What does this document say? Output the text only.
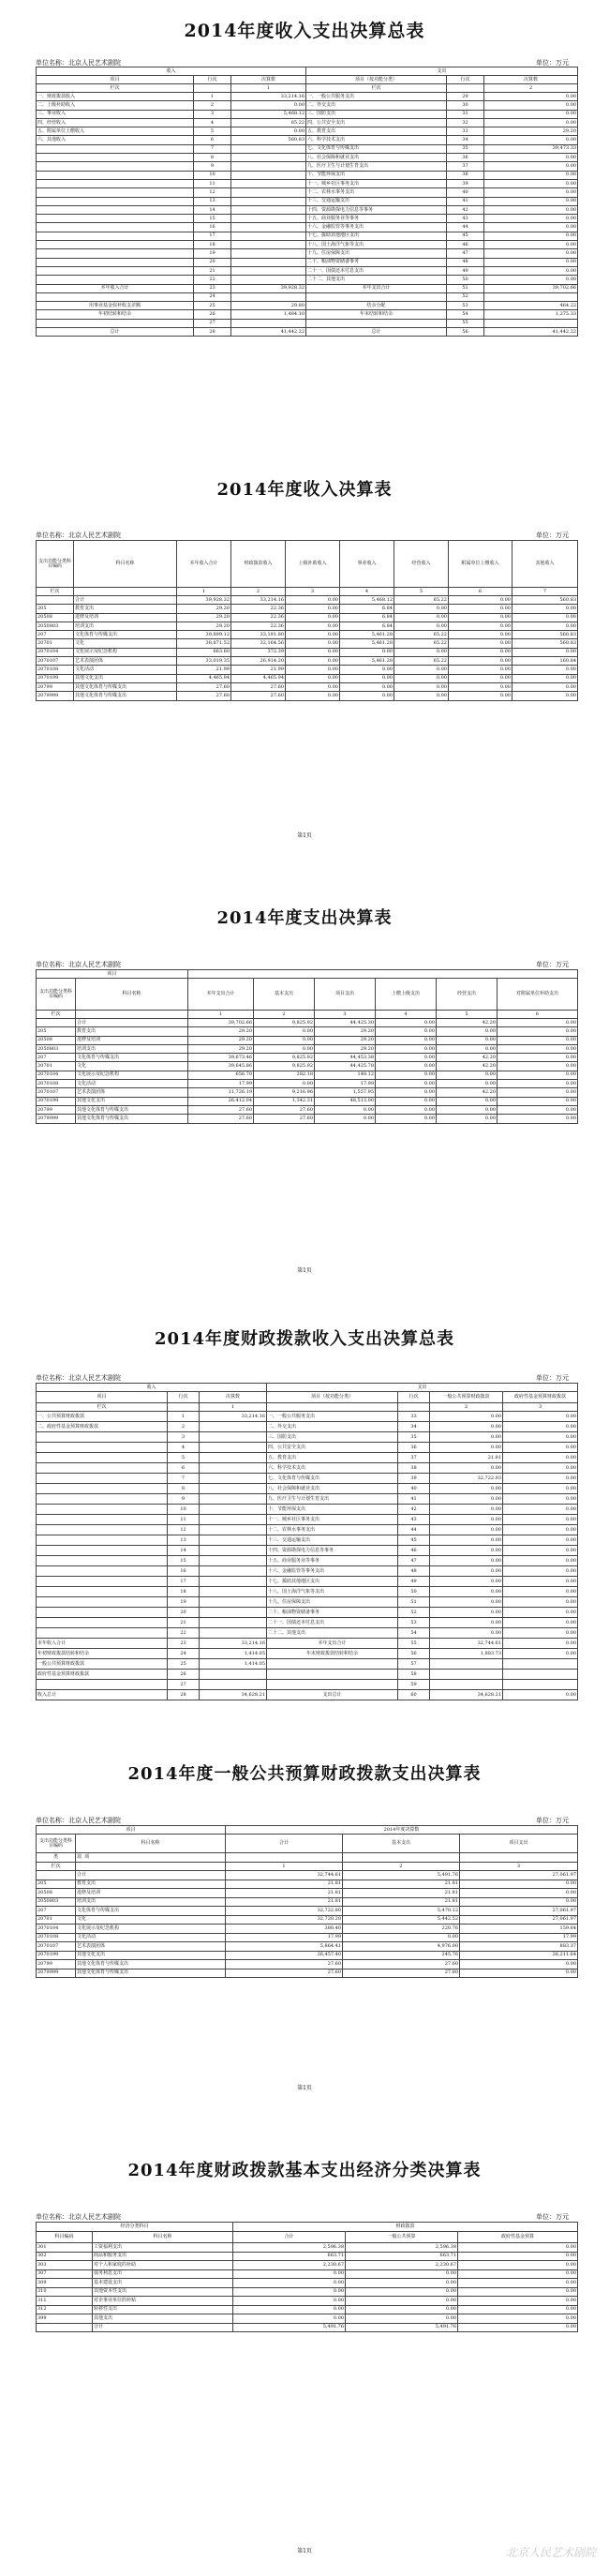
2014年度收入支出决算总表
单位名称：北京人民艺术剧院	单位：万元
收入			支出		
项目	行次	决算数	项目（按功能分类）	行次	决算数
栏次		1	栏次		2
一、财政拨款收入	1	33,214.16	一、一般公共服务支出	29	0.00
二、上级补助收入	2	0.00	二、外交支出	30	0.00
三、事业收入	3	5,468.12	三、国防支出	31	0.00
四、经营收入	4	65.22	四、公共安全支出	32	0.00
五、附属单位上缴收入	5	0.00	五、教育支出	33	29.20
六、其他收入	6	560.83	六、科学技术支出	34	0.00
	7		七、文化体育与传媒支出	35	39,473.33
	8		八、社会保障和就业支出	36	0.00
	9		九、医疗卫生与计划生育支出	37	0.00
	10		十、节能环保支出	38	0.00
	11		十一、城乡社区事务支出	39	0.00
	12		十二、农林水事务支出	40	0.00
	13		十三、交通运输支出	41	0.00
	14		十四、资源勘探电力信息等事务	42	0.00
	15		十五、商业服务业等事务	43	0.00
	16		十六、金融监管等事务支出	44	0.00
	17		十七、援助其他地区支出	45	0.00
	18		十八、国土海洋气象等支出	46	0.00
	19		十九、住房保障支出	47	0.00
	20		二十、粮油物资储备事务	48	0.00
	21		二十一、国债还本付息支出	49	0.00
	22		二十二、其他支出	50	0.00
本年收入合计	23	39,928.32	本年支出合计	51	39,702.66
	24			52	
用事业基金弥补收支差额	25	29.80	结余分配	53	464.22
年初结转和结余	26	1,484.10	年末结转和结余	54	1,275.33
	27			55	
总计	28	41,442.22	总计	56	41,442.22
2014年度收入决算表
单位名称：北京人民艺术剧院	单位：万元
支出功能分类科目编码	科目名称	本年收入合计	财政拨款收入	上级补助收入	事业收入	经营收入	附属单位上缴收入	其他收入
栏次		1	2	3	4	5	6	7
	合计	39,928.32	33,214.16	0.00	5,468.12	65.22	0.00	560.83
205	教育支出	29.20	22.36	0.00	6.84	0.00	0.00	0.00
20508	进修及培训	29.20	22.36	0.00	6.84	0.00	0.00	0.00
2050803	培训支出	29.20	22.36	0.00	6.84	0.00	0.00	0.00
207	文化体育与传媒支出	39,899.12	33,191.80	0.00	5,461.28	65.22	0.00	560.83
20701	文化	38,871.52	32,164.56	0.00	5,461.28	65.22	0.00	560.83
2070104	文化展示及纪念机构	663.60	372.39	0.00	0.00	0.00	0.00	0.00
2070107	艺术表演团体	33,019.35	26,914.20	0.00	5,461.28	65.22	0.00	160.84
2070108	文化活动	21.99	21.99	0.00	0.00	0.00	0.00	0.00
2070199	其他文化支出	4,465.94	4,465.94	0.00	0.00	0.00	0.00	0.00
20799	其他文化体育与传媒支出	27.60	27.60	0.00	0.00	0.00	0.00	0.00
2079999	其他文化体育与传媒支出	27.60	27.60	0.00	0.00	0.00	0.00	0.00
第1页
2014年度支出决算表
单位名称：北京人民艺术剧院	单位：万元
项目							
支出功能分类科目编码	科目名称	本年支出合计	基本支出	项目支出	上缴上级支出	经营支出	对附属单位补助支出
栏次		1	2	3	4	5	6
	合计	39,702.66	9,825.92	44,425.30	0.00	42.20	0.00
205	教育支出	29.20	0.00	29.20	0.00	0.00	0.00
20508	进修及培训	29.20	0.00	29.20	0.00	0.00	0.00
2050803	培训支出	29.20	0.00	29.20	0.00	0.00	0.00
207	文化体育与传媒支出	39,673.46	9,825.92	44,453.38	0.00	42.20	0.00
20701	文化	39,645.86	9,825.92	44,425.78	0.00	42.20	0.00
2070104	文化展示及纪念机构	656.70	282.18	148.12	0.00	0.00	0.00
2070108	文化活动	17.99	0.00	17.99	0.00	0.00	0.00
2070107	艺术表演团体	11,726.19	9,216.96	1,557.95	0.00	42.20	0.00
2070199	其他文化支出	26,412.04	1,342.31	48,513.00	0.00	0.00	0.00
20799	其他文化体育与传媒支出	27.60	27.60	0.00	0.00	0.00	0.00
2079999	其他文化体育与传媒支出	27.60	27.60	0.00	0.00	0.00	0.00
第1页
2014年度财政拨款收入支出决算总表
单位名称：北京人民艺术剧院	单位：万元
收入			支出			
项目	行次	决算数	项目（按功能分类）	行次	一般公共预算财政拨款	政府性基金预算财政拨款
栏次		1			2	3
一、公共预算财政拨款	1	33,214.16	一、一般公共服务支出	33	0.00	0.00
二、政府性基金预算财政拨款	2		二、外交支出	34	0.00	0.00
	3		三、国防支出	35	0.00	0.00
	4		四、公共安全支出	36	0.00	0.00
	5		五、教育支出	37	21.81	0.00
	6		六、科学技术支出	38	0.00	0.00
	7		七、文化体育与传媒支出	39	32,722.93	0.00
	8		八、社会保障和就业支出	40	0.00	0.00
	9		九、医疗卫生与计划生育支出	41	0.00	0.00
	10		十、节能环保支出	42	0.00	0.00
	11		十一、城乡社区事务支出	43	0.00	0.00
	12		十二、农林水事务支出	44	0.00	0.00
	13		十三、交通运输支出	45	0.00	0.00
	14		十四、资源勘探电力信息等事务	46	0.00	0.00
	15		十五、商业服务业等事务	47	0.00	0.00
	16		十六、金融监管等事务支出	48	0.00	0.00
	17		十七、援助其他地区支出	49	0.00	0.00
	18		十八、国土海洋气象等支出	50	0.00	0.00
	19		十九、住房保障支出	51	0.00	0.00
	20		二十、粮油物资储备事务	52	0.00	0.00
	21		二十一、国债还本付息支出	53	0.00	0.00
	22		二十二、其他支出	54	0.00	0.00
本年收入合计	23	33,214.16	本年支出合计	55	32,744.61	0.00
年初财政拨款结转和结余	24	1,414.05	年末财政拨款结转和结余	56	1,883.73	0.00
一般公共预算财政拨款	25	1,414.05		57		
政府性基金预算财政拨款	26			58		
	27			59		
收入总计	28	34,628.21	支出总计	60	34,628.21	0.00
2014年度一般公共预算财政拨款支出决算表
单位名称：北京人民艺术剧院	单位：万元
项目		2014年度决算数		
支出功能分类科目编码	科目名称	合计	基本支出	项目支出
类	款 项			
栏次		1	2	3
	合计	32,744.61	5,491.76	27,061.97
205	教育支出	21.81	21.81	0.00
20508	进修及培训	21.81	21.81	0.00
2050803	培训支出	21.81	21.81	0.00
207	文化体育与传媒支出	32,722.80	5,470.12	27,061.97
20701	文化	32,720.20	5,442.52	27,061.97
2070104	文化展示及纪念机构	380.40	220.76	159.64
2070108	文化活动	17.99	0.00	17.99
2070107	艺术表演团体	5,864.41	4,976.00	883.37
2070199	其他文化支出	26,457.40	245.76	26,211.64
20799	其他文化体育与传媒支出	27.60	27.60	0.00
2079999	其他文化体育与传媒支出	27.60	27.60	0.00
第1页
2014年度财政拨款基本支出经济分类决算表
单位名称：北京人民艺术剧院	单位：万元
经济分类科目		财政拨款		
科目编码	科目名称	合计	一般公共预算	政府性基金预算
301	工资福利支出	2,596.38	2,596.38	0.00
302	商品和服务支出	663.71	663.71	0.00
303	对个人和家庭的补助	2,230.67	2,230.67	0.00
307	债务利息支出	0.00	0.00	0.00
309	基本建设支出	0.00	0.00	0.00
310	其他资本性支出	0.00	0.00	0.00
311	对企事业单位的补贴	0.00	0.00	0.00
312	转移性支出	0.00	0.00	0.00
399	其他支出	0.00	0.00	0.00
	合计	5,491.76	5,491.76	0.00
第1页	北京人民艺术剧院
